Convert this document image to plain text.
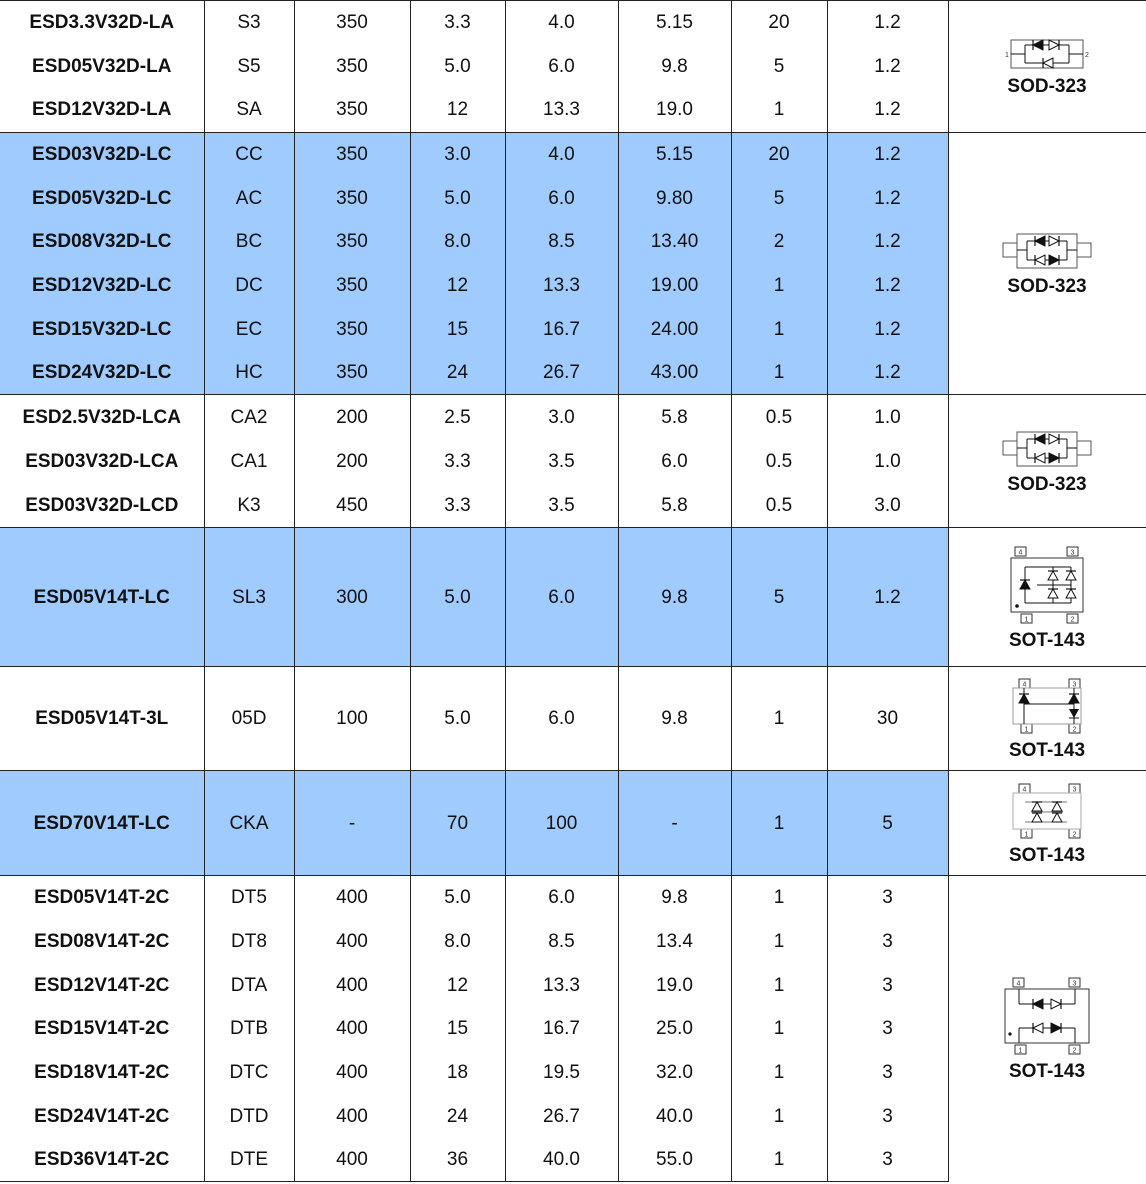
ESD3.3V32D-LA	S3	350	3.3	4.0	5.15	20	1.2	1 2
SOD-323

ESD05V32D-LA	S5	350	5.0	6.0	9.8	5	1.2	
ESD12V32D-LA	SA	350	12	13.3	19.0	1	1.2	
ESD03V32D-LC	CC	350	3.0	4.0	5.15	20	1.2	SOD-323

ESD05V32D-LC	AC	350	5.0	6.0	9.80	5	1.2	
ESD08V32D-LC	BC	350	8.0	8.5	13.40	2	1.2	
ESD12V32D-LC	DC	350	12	13.3	19.00	1	1.2	
ESD15V32D-LC	EC	350	15	16.7	24.00	1	1.2	
ESD24V32D-LC	HC	350	24	26.7	43.00	1	1.2	
ESD2.5V32D-LCA	CA2	200	2.5	3.0	5.8	0.5	1.0	SOD-323

ESD03V32D-LCA	CA1	200	3.3	3.5	6.0	0.5	1.0	
ESD03V32D-LCD	K3	450	3.3	3.5	5.8	0.5	3.0	
ESD05V14T-LC	SL3	300	5.0	6.0	9.8	5	1.2	4 3
1 2
SOT-143

ESD05V14T-3L	05D	100	5.0	6.0	9.8	1	30	4 3
1 2
SOT-143

ESD70V14T-LC	CKA	-	70	100	-	1	5	4 3
1 2
SOT-143

ESD05V14T-2C	DT5	400	5.0	6.0	9.8	1	3	4 3
1 2
SOT-143

ESD08V14T-2C	DT8	400	8.0	8.5	13.4	1	3	
ESD12V14T-2C	DTA	400	12	13.3	19.0	1	3	
ESD15V14T-2C	DTB	400	15	16.7	25.0	1	3	
ESD18V14T-2C	DTC	400	18	19.5	32.0	1	3	
ESD24V14T-2C	DTD	400	24	26.7	40.0	1	3	
ESD36V14T-2C	DTE	400	36	40.0	55.0	1	3	
